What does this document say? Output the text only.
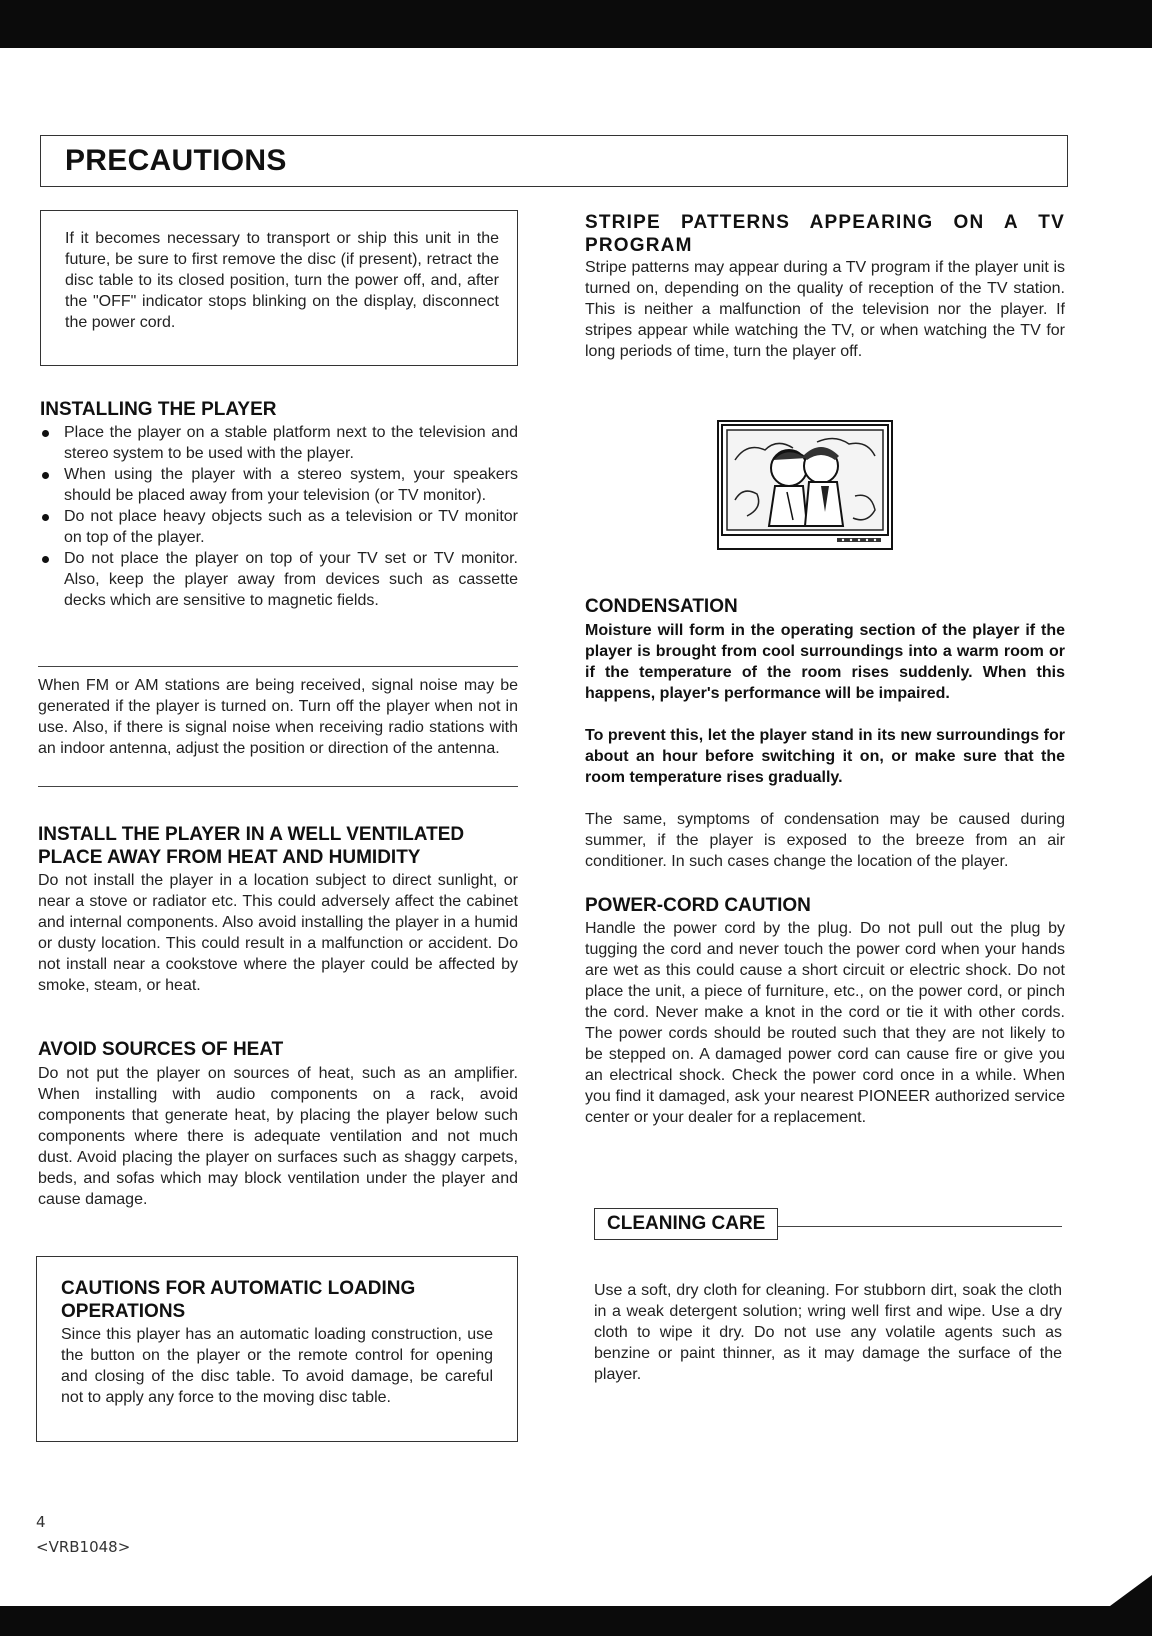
PRECAUTIONS
If it becomes necessary to transport or ship this unit in the future, be sure to first remove the disc (if present), retract the disc table to its closed position, turn the power off, and, after the "OFF" indicator stops blinking on the display, disconnect the power cord.
INSTALLING THE PLAYER
Place the player on a stable platform next to the television and stereo system to be used with the player.
When using the player with a stereo system, your speakers should be placed away from your television (or TV monitor).
Do not place heavy objects such as a television or TV monitor on top of the player.
Do not place the player on top of your TV set or TV monitor. Also, keep the player away from devices such as cassette decks which are sensitive to magnetic fields.
When FM or AM stations are being received, signal noise may be generated if the player is turned on. Turn off the player when not in use. Also, if there is signal noise when receiving radio stations with an indoor antenna, adjust the position or direction of the antenna.
INSTALL THE PLAYER IN A WELL VENTILATED PLACE AWAY FROM HEAT AND HUMIDITY
Do not install the player in a location subject to direct sunlight, or near a stove or radiator etc. This could adversely affect the cabinet and internal components. Also avoid installing the player in a humid or dusty location. This could result in a malfunction or accident. Do not install near a cookstove where the player could be affected by smoke, steam, or heat.
AVOID SOURCES OF HEAT
Do not put the player on sources of heat, such as an amplifier. When installing with audio components on a rack, avoid components that generate heat, by placing the player below such components where there is adequate ventilation and not much dust. Avoid placing the player on surfaces such as shaggy carpets, beds, and sofas which may block ventilation under the player and cause damage.
CAUTIONS FOR AUTOMATIC LOADING OPERATIONS
Since this player has an automatic loading construction, use the button on the player or the remote control for opening and closing of the disc table. To avoid damage, be careful not to apply any force to the moving disc table.
STRIPE PATTERNS APPEARING ON A TV PROGRAM
Stripe patterns may appear during a TV program if the player unit is turned on, depending on the quality of reception of the TV station. This is neither a malfunction of the television nor the player. If stripes appear while watching the TV, or when watching the TV for long periods of time, turn the player off.
CONDENSATION
Moisture will form in the operating section of the player if the player is brought from cool surroundings into a warm room or if the temperature of the room rises suddenly. When this happens, player's performance will be impaired.
To prevent this, let the player stand in its new surroundings for about an hour before switching it on, or make sure that the room temperature rises gradually.
The same, symptoms of condensation may be caused during summer, if the player is exposed to the breeze from an air conditioner. In such cases change the location of the player.
POWER-CORD CAUTION
Handle the power cord by the plug. Do not pull out the plug by tugging the cord and never touch the power cord when your hands are wet as this could cause a short circuit or electric shock. Do not place the unit, a piece of furniture, etc., on the power cord, or pinch the cord. Never make a knot in the cord or tie it with other cords. The power cords should be routed such that they are not likely to be stepped on. A damaged power cord can cause fire or give you an electrical shock. Check the power cord once in a while. When you find it damaged, ask your nearest PIONEER authorized service center or your dealer for a replacement.
CLEANING CARE
Use a soft, dry cloth for cleaning. For stubborn dirt, soak the cloth in a weak detergent solution; wring well first and wipe. Use a dry cloth to wipe it dry. Do not use any volatile agents such as benzine or paint thinner, as it may damage the surface of the player.
4
<VRB1048>
